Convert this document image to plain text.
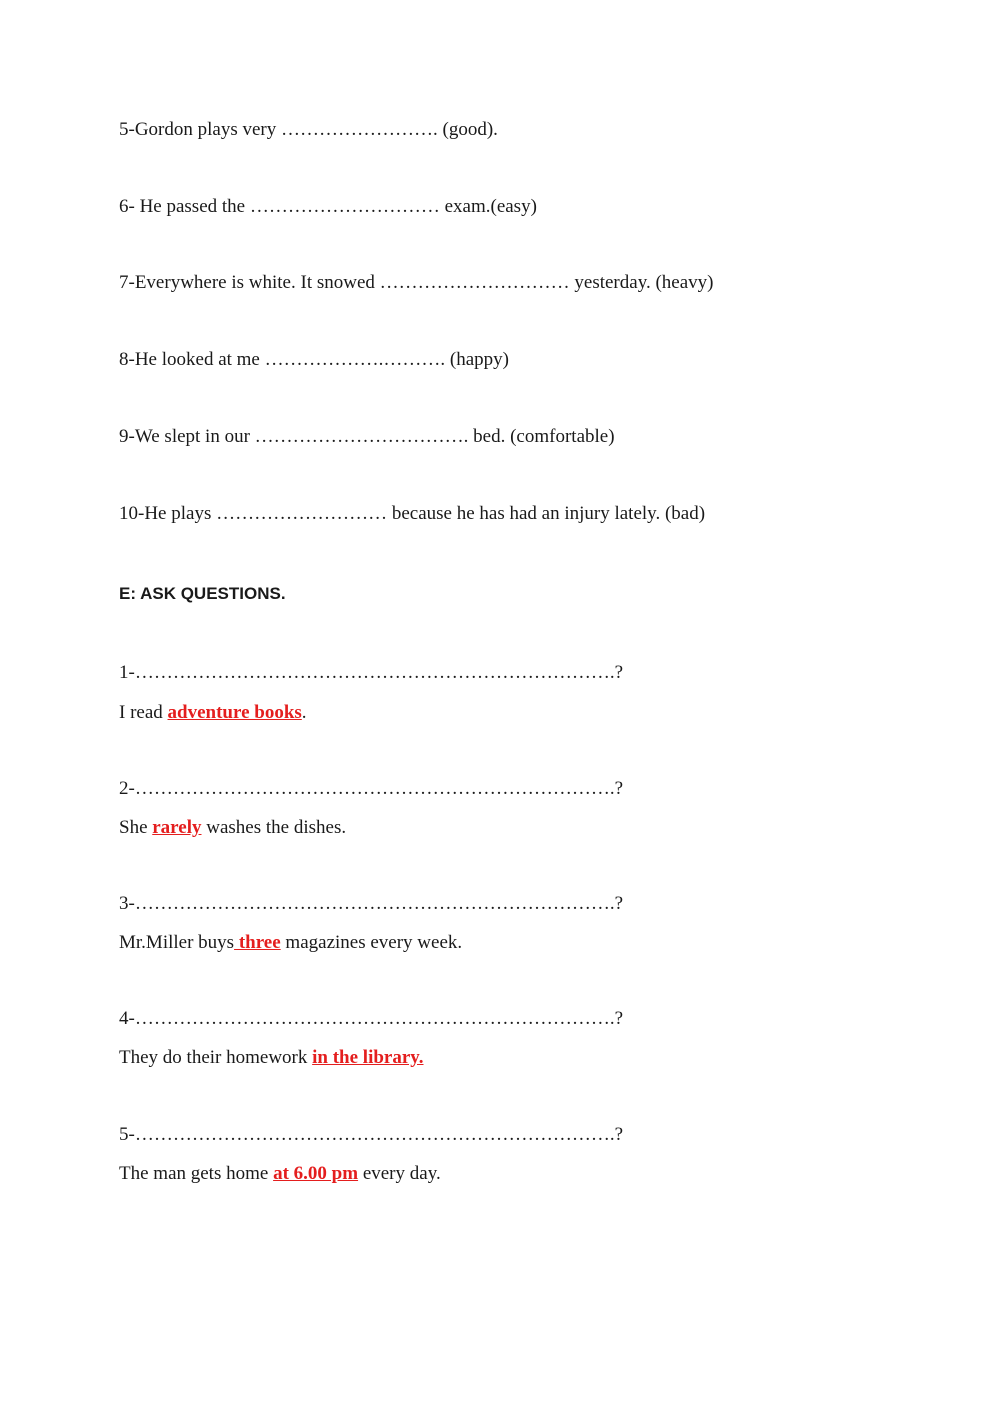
5-Gordon plays very ……………………. (good).
6- He passed the ………………………… exam.(easy)
7-Everywhere is white. It snowed ………………………… yesterday. (heavy)
8-He looked at me ……………….………. (happy)
9-We slept in our ……………………………. bed. (comfortable)
10-He plays ……………………… because he has had an injury lately. (bad)
E: ASK QUESTIONS.
1-………………………………………………………………….?
I read adventure books.
2-………………………………………………………………….?
She rarely washes the dishes.
3-………………………………………………………………….?
Mr.Miller buys three magazines every week.
4-………………………………………………………………….?
They do their homework in the library.
5-………………………………………………………………….?
The man gets home at 6.00 pm every day.
